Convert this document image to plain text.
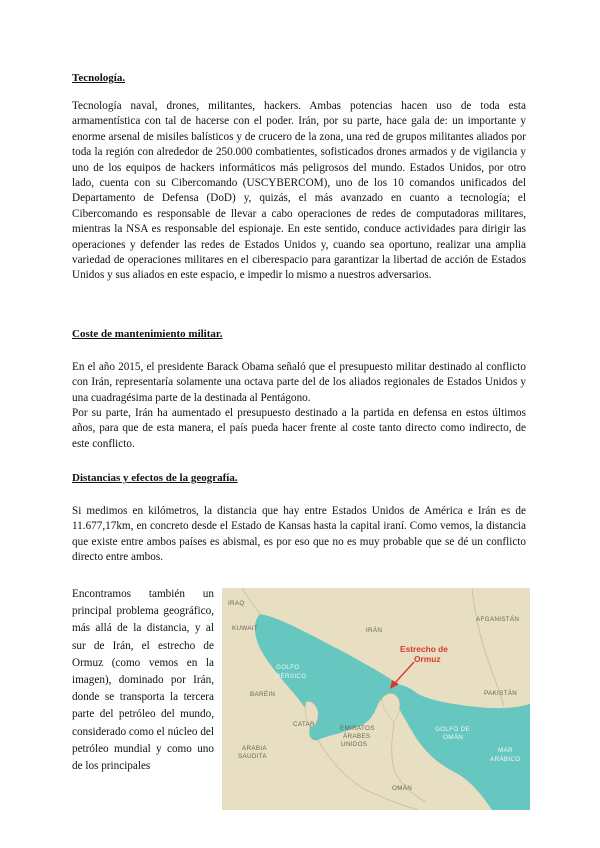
Tecnología.

Tecnología naval, drones, militantes, hackers. Ambas potencias hacen uso de toda esta armamentística con tal de hacerse con el poder. Irán, por su parte, hace gala de: un importante y enorme arsenal de misiles balísticos y de crucero de la zona, una red de grupos militantes aliados por toda la región con alrededor de 250.000 combatientes, sofisticados drones armados y de vigilancia y uno de los equipos de hackers informáticos más peligrosos del mundo. Estados Unidos, por otro lado, cuenta con su Cibercomando (USCYBERCOM), uno de los 10 comandos unificados del Departamento de Defensa (DoD) y, quizás, el más avanzado en cuanto a tecnología; el Cibercomando es responsable de llevar a cabo operaciones de redes de computadoras militares, mientras la NSA es responsable del espionaje. En este sentido, conduce actividades para dirigir las operaciones y defender las redes de Estados Unidos y, cuando sea oportuno, realizar una amplia variedad de operaciones militares en el ciberespacio para garantizar la libertad de acción de Estados Unidos y sus aliados en este espacio, e impedir lo mismo a nuestros adversarios.

Coste de mantenimiento militar.

En el año 2015, el presidente Barack Obama señaló que el presupuesto militar destinado al conflicto con Irán, representaría solamente una octava parte del de los aliados regionales de Estados Unidos y una cuadragésima parte de la destinada al Pentágono.

Por su parte, Irán ha aumentado el presupuesto destinado a la partida en defensa en estos últimos años, para que de esta manera, el país pueda hacer frente al coste tanto directo como indirecto, de este conflicto.

Distancias y efectos de la geografía.

Si medimos en kilómetros, la distancia que hay entre Estados Unidos de América e Irán es de 11.677,17km, en concreto desde el Estado de Kansas hasta la capital iraní. Como vemos, la distancia que existe entre ambos países es abismal, es por eso que no es muy probable que se dé un conflicto directo entre ambos.

Encontramos también un principal problema geográfico, más allá de la distancia, y al sur de Irán, el estrecho de Ormuz (como vemos en la imagen), dominado por Irán, donde se transporta la tercera parte del petróleo del mundo, considerado como el núcleo del petróleo mundial y como uno de los principales

IRAQ
KUWAIT	IRÁN
AFGANISTÁN
PAKISTÁN
GOLFO
PÉRSICO
BARÉIN
CATAR
EMIRATOS
ÁRABES
UNIDOS
ARABIA
SAUDITA
OMÁN
GOLFO DE
OMÁN
MAR
ARÁBICO
Estrecho de
Ormuz
